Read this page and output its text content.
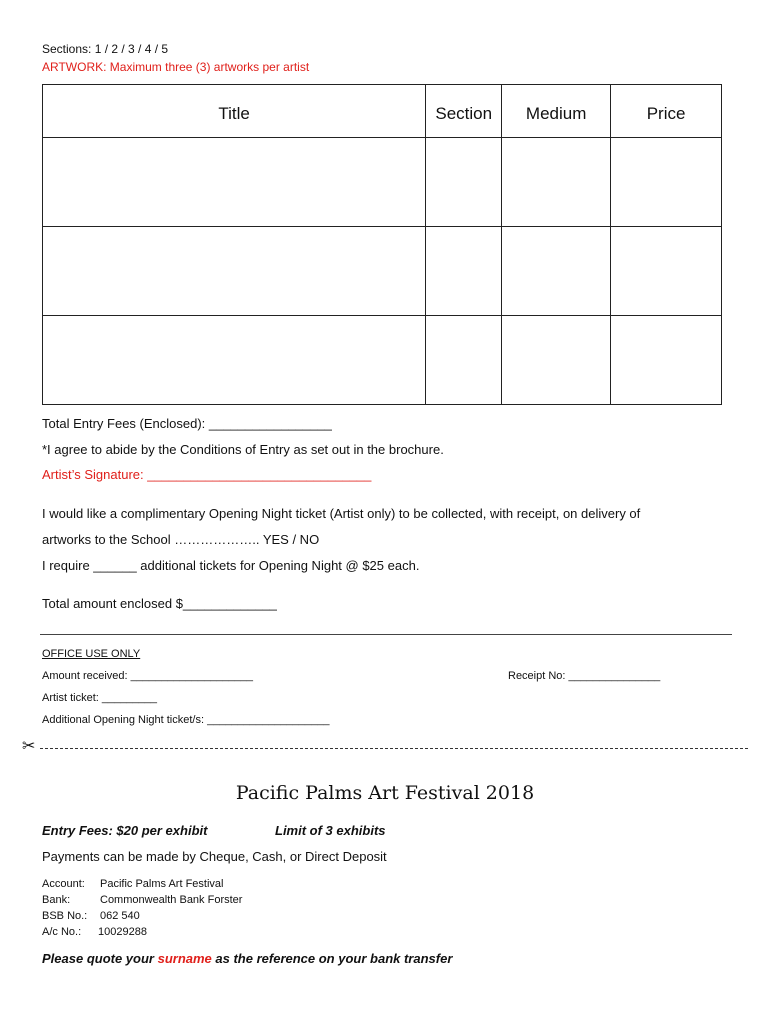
Sections: 1 / 2 / 3 / 4 / 5
ARTWORK: Maximum three (3) artworks per artist
Title	Section	Medium	Price

Total Entry Fees (Enclosed): _________________
*I agree to abide by the Conditions of Entry as set out in the brochure.
Artist’s Signature: _______________________________
I would like a complimentary Opening Night ticket (Artist only) to be collected, with receipt, on delivery of
artworks to the School ……………….. YES / NO
I require ______ additional tickets for Opening Night @ $25 each.
Total amount enclosed $_____________
OFFICE USE ONLY
Amount received: ____________________	Receipt No: _______________
Artist ticket: _________
Additional Opening Night ticket/s: ____________________
✂
Pacific Palms Art Festival 2018
Entry Fees: $20 per exhibit	Limit of 3 exhibits
Payments can be made by Cheque, Cash, or Direct Deposit
Account: Pacific Palms Art Festival
Bank:	Commonwealth Bank Forster
BSB No.: 062 540
A/c No.: 10029288
Please quote your surname as the reference on your bank transfer
